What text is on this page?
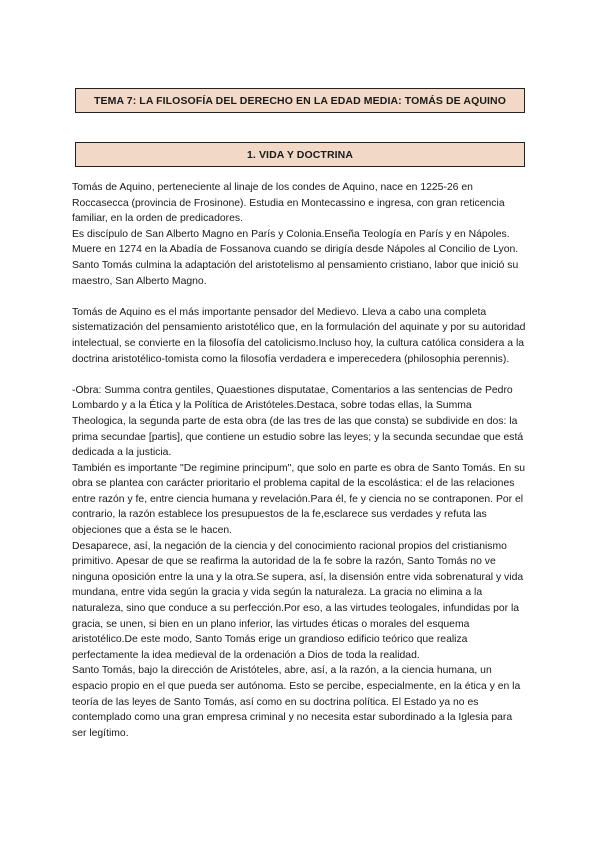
TEMA 7: LA FILOSOFÍA DEL DERECHO EN LA EDAD MEDIA: TOMÁS DE AQUINO
1. VIDA Y DOCTRINA

Tomás de Aquino, perteneciente al linaje de los condes de Aquino, nace en 1225-26 en Roccasecca (provincia de Frosinone). Estudia en Montecassino e ingresa, con gran reticencia familiar, en la orden de predicadores.

Es discípulo de San Alberto Magno en París y Colonia.Enseña Teología en París y en Nápoles. Muere en 1274 en la Abadía de Fossanova cuando se dirigía desde Nápoles al Concilio de Lyon.

Santo Tomás culmina la adaptación del aristotelismo al pensamiento cristiano, labor que inició su maestro, San Alberto Magno.

Tomás de Aquino es el más importante pensador del Medievo. Lleva a cabo una completa sistematización del pensamiento aristotélico que, en la formulación del aquinate y por su autoridad intelectual, se convierte en la filosofía del catolicismo.Incluso hoy, la cultura católica considera a la doctrina aristotélico-tomista como la filosofía verdadera e imperecedera (philosophia perennis).

-Obra: Summa contra gentiles, Quaestiones disputatae, Comentarios a las sentencias de Pedro Lombardo y a la Ética y la Política de Aristóteles.Destaca, sobre todas ellas, la Summa Theologica, la segunda parte de esta obra (de las tres de las que consta) se subdivide en dos: la prima secundae [partis], que contiene un estudio sobre las leyes; y la secunda secundae que está dedicada a la justicia.

También es importante "De regimine principum", que solo en parte es obra de Santo Tomás. En su obra se plantea con carácter prioritario el problema capital de la escolástica: el de las relaciones entre razón y fe, entre ciencia humana y revelación.Para él, fe y ciencia no se contraponen. Por el contrario, la razón establece los presupuestos de la fe,esclarece sus verdades y refuta las objeciones que a ésta se le hacen.

Desaparece, así, la negación de la ciencia y del conocimiento racional propios del cristianismo primitivo. Apesar de que se reafirma la autoridad de la fe sobre la razón, Santo Tomás no ve ninguna oposición entre la una y la otra.Se supera, así, la disensión entre vida sobrenatural y vida mundana, entre vida según la gracia y vida según la naturaleza. La gracia no elimina a la naturaleza, sino que conduce a su perfección.Por eso, a las virtudes teologales, infundidas por la gracia, se unen, si bien en un plano inferior, las virtudes éticas o morales del esquema aristotélico.De este modo, Santo Tomás erige un grandioso edificio teórico que realiza perfectamente la idea medieval de la ordenación a Dios de toda la realidad.

Santo Tomás, bajo la dirección de Aristóteles, abre, así, a la razón, a la ciencia humana, un espacio propio en el que pueda ser autónoma. Esto se percibe, especialmente, en la ética y en la teoría de las leyes de Santo Tomás, así como en su doctrina política. El Estado ya no es contemplado como una gran empresa criminal y no necesita estar subordinado a la Iglesia para ser legítimo.
